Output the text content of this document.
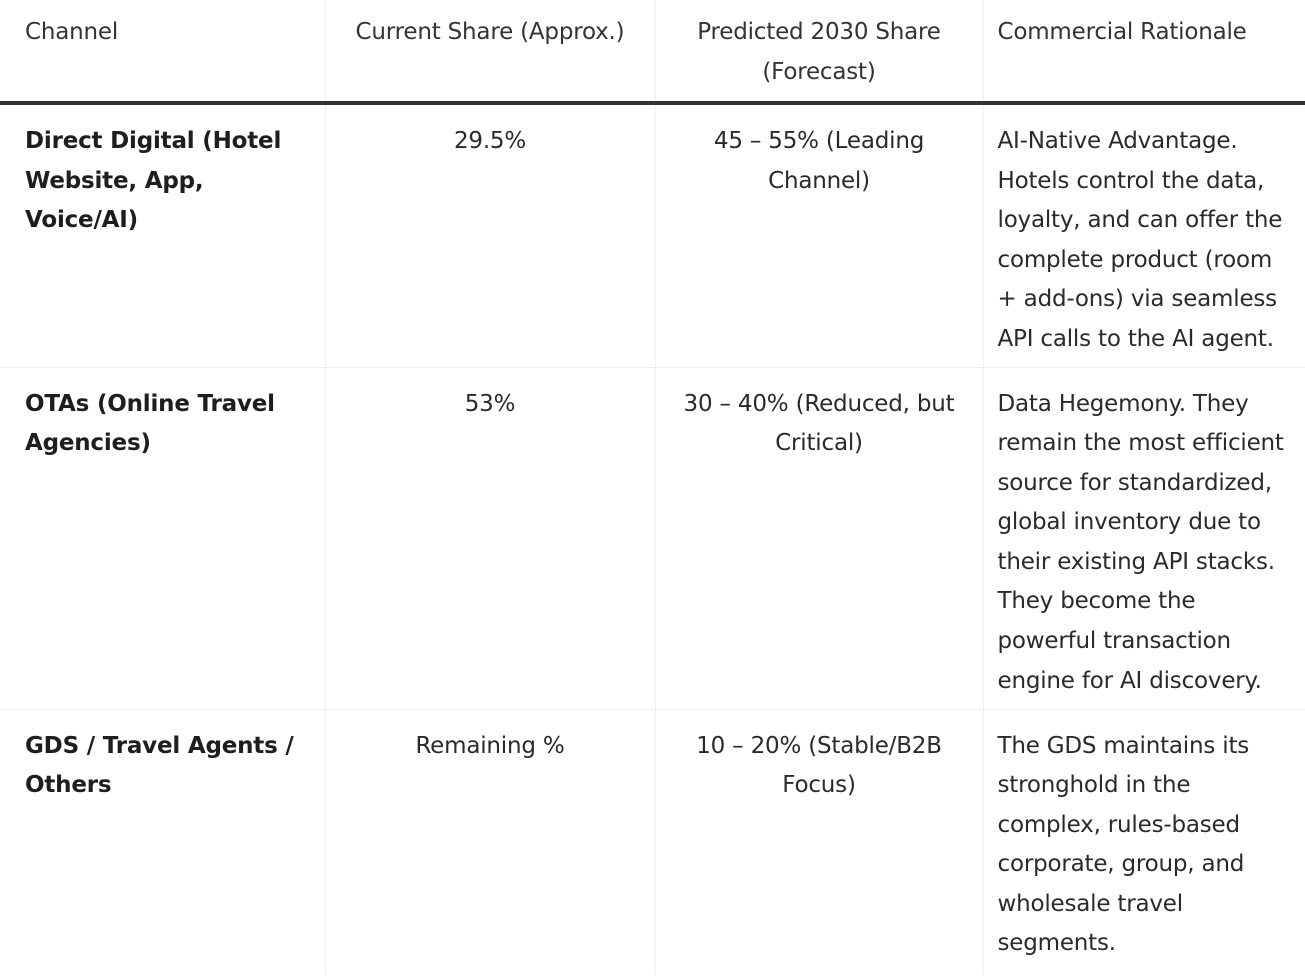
Channel	Current Share (Approx.)	Predicted 2030 Share (Forecast)	Commercial Rationale
Direct Digital (Hotel Website, App, Voice/AI)	29.5%	45 – 55% (Leading Channel)	AI-Native Advantage. Hotels control the data, loyalty, and can offer the complete product (room + add-ons) via seamless API calls to the AI agent.
OTAs (Online Travel Agencies)	53%	30 – 40% (Reduced, but Critical)	Data Hegemony. They remain the most efficient source for standardized, global inventory due to their existing API stacks. They become the powerful transaction engine for AI discovery.
GDS / Travel Agents / Others	Remaining %	10 – 20% (Stable/B2B Focus)	The GDS maintains its stronghold in the complex, rules-based corporate, group, and wholesale travel segments.
